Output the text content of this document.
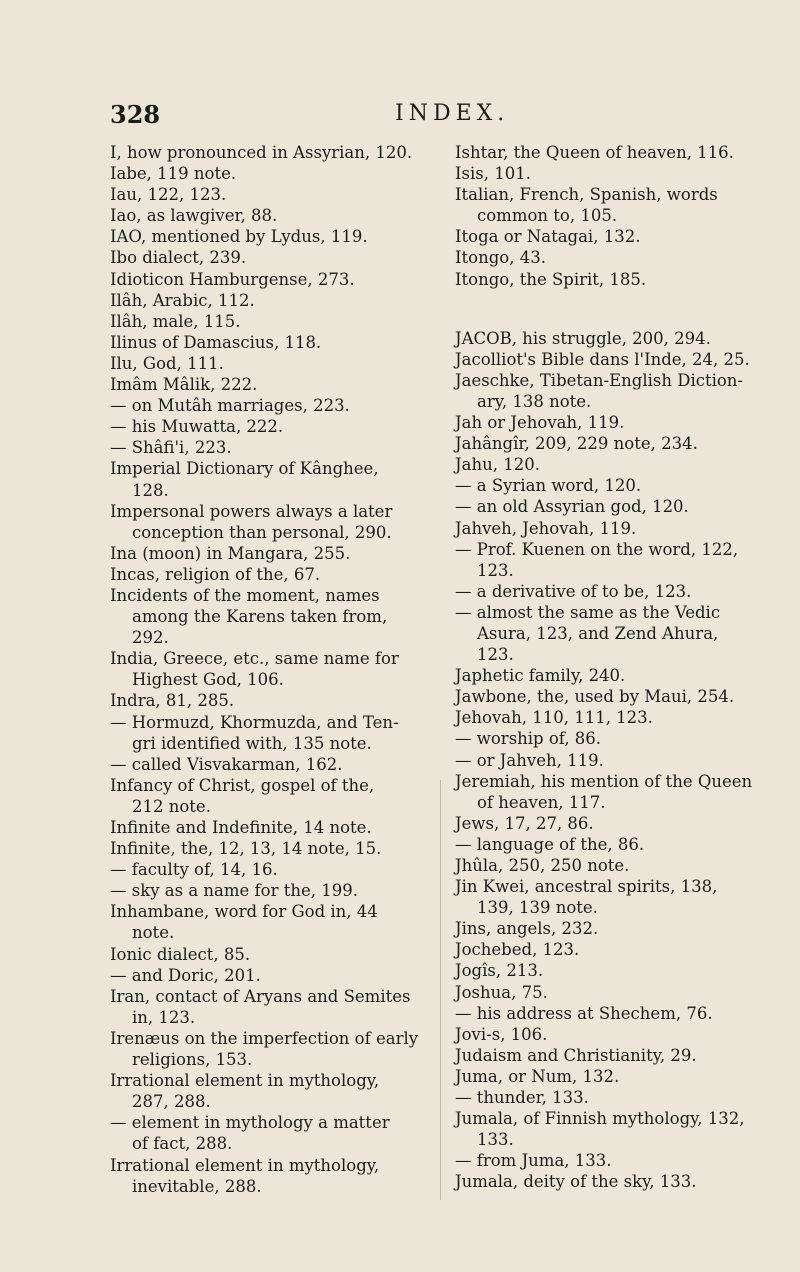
328	INDEX.
I, how pronounced in Assyrian, 120.
Iabe, 119 note.
Iau, 122, 123.
Iao, as lawgiver, 88.
IAO, mentioned by Lydus, 119.
Ibo dialect, 239.
Idioticon Hamburgense, 273.
Ilâh, Arabic, 112.
Ilâh, male, 115.
Ilinus of Damascius, 118.
Ilu, God, 111.
Imâm Mâlik, 222.
— on Mutâh marriages, 223.
— his Muwatta, 222.
— Shâfi'i, 223.
Imperial Dictionary of Kânghee,
128.
Impersonal powers always a later
conception than personal, 290.
Ina (moon) in Mangara, 255.
Incas, religion of the, 67.
Incidents of the moment, names
among the Karens taken from,
292.
India, Greece, etc., same name for
Highest God, 106.
Indra, 81, 285.
— Hormuzd, Khormuzda, and Ten-
gri identified with, 135 note.
— called Visvakarman, 162.
Infancy of Christ, gospel of the,
212 note.
Infinite and Indefinite, 14 note.
Infinite, the, 12, 13, 14 note, 15.
— faculty of, 14, 16.
— sky as a name for the, 199.
Inhambane, word for God in, 44
note.
Ionic dialect, 85.
— and Doric, 201.
Iran, contact of Aryans and Semites
in, 123.
Irenæus on the imperfection of early
religions, 153.
Irrational element in mythology,
287, 288.
— element in mythology a matter
of fact, 288.
Irrational element in mythology,
inevitable, 288.
Ishtar, the Queen of heaven, 116.
Isis, 101.
Italian, French, Spanish, words
common to, 105.
Itoga or Natagai, 132.
Itongo, 43.
Itongo, the Spirit, 185.
JACOB, his struggle, 200, 294.
Jacolliot's Bible dans l'Inde, 24, 25.
Jaeschke, Tibetan-English Diction-
ary, 138 note.
Jah or Jehovah, 119.
Jahângîr, 209, 229 note, 234.
Jahu, 120.
— a Syrian word, 120.
— an old Assyrian god, 120.
Jahveh, Jehovah, 119.
— Prof. Kuenen on the word, 122,
123.
— a derivative of to be, 123.
— almost the same as the Vedic
Asura, 123, and Zend Ahura,
123.
Japhetic family, 240.
Jawbone, the, used by Maui, 254.
Jehovah, 110, 111, 123.
— worship of, 86.
— or Jahveh, 119.
Jeremiah, his mention of the Queen
of heaven, 117.
Jews, 17, 27, 86.
— language of the, 86.
Jhûla, 250, 250 note.
Jin Kwei, ancestral spirits, 138,
139, 139 note.
Jins, angels, 232.
Jochebed, 123.
Jogîs, 213.
Joshua, 75.
— his address at Shechem, 76.
Jovi-s, 106.
Judaism and Christianity, 29.
Juma, or Num, 132.
— thunder, 133.
Jumala, of Finnish mythology, 132,
133.
— from Juma, 133.
Jumala, deity of the sky, 133.
